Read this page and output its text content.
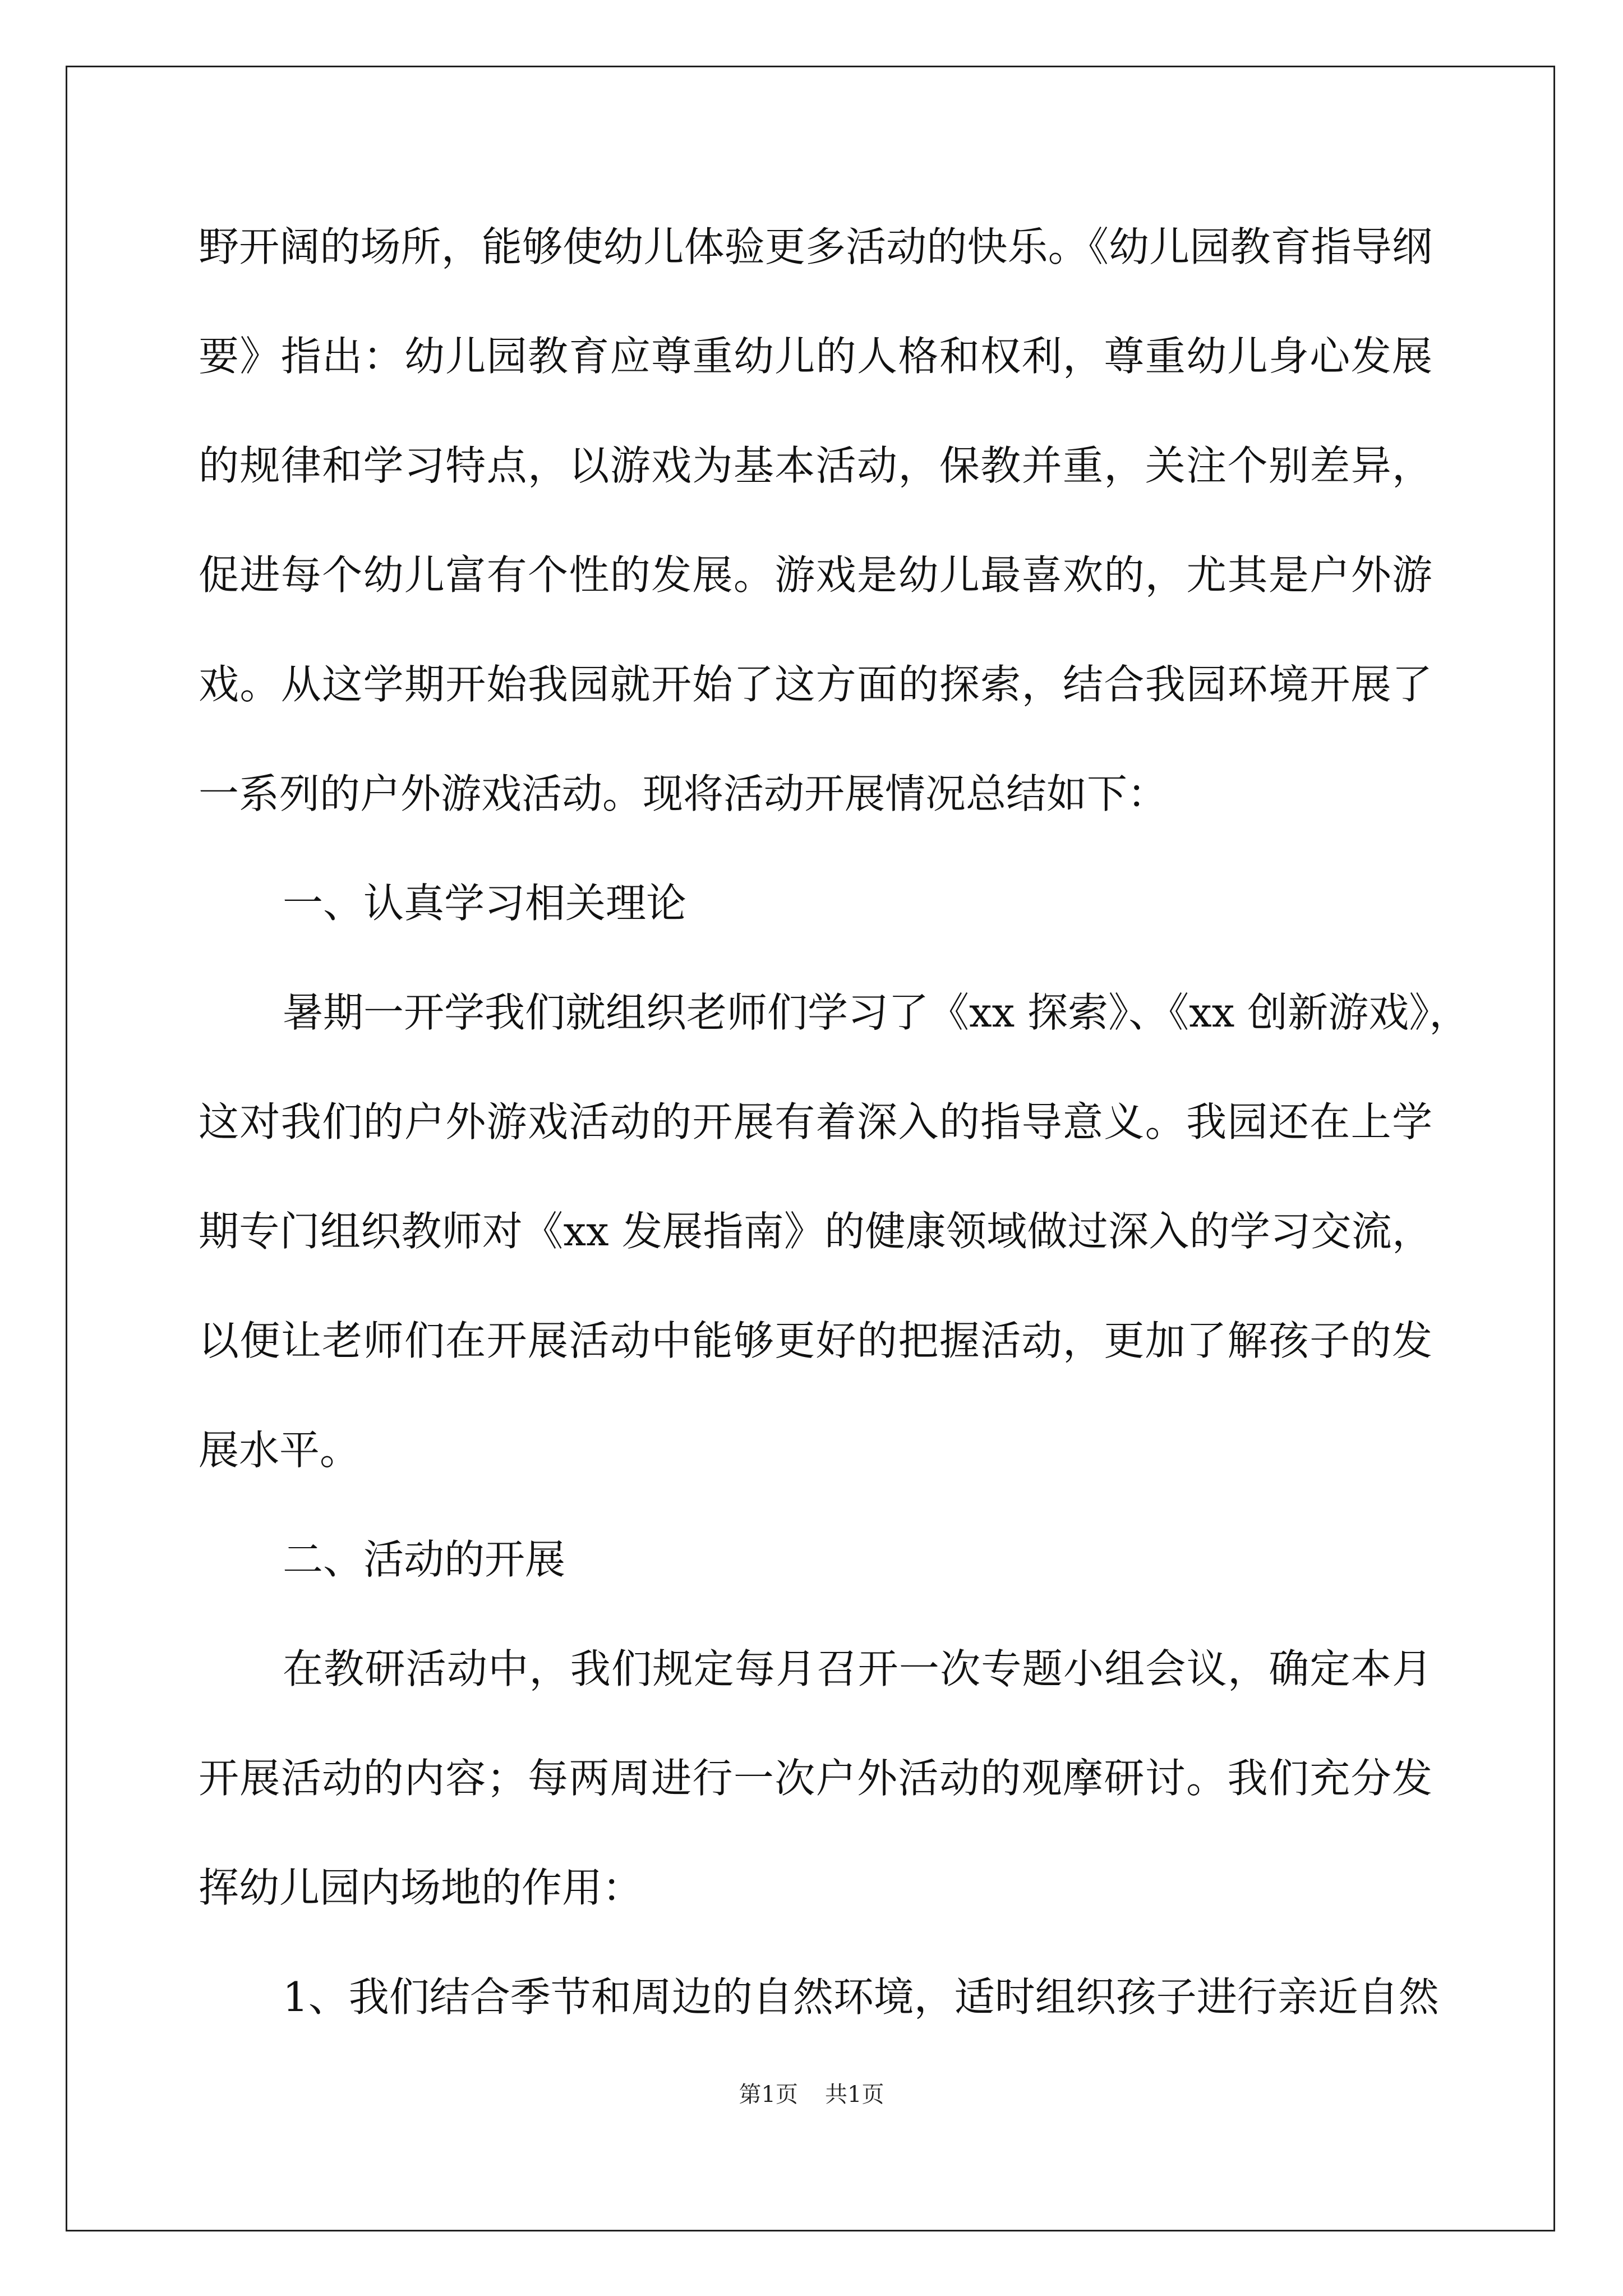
野开阔的场所，能够使幼儿体验更多活动的快乐。《幼儿园教育指导纲
要》指出：幼儿园教育应尊重幼儿的人格和权利，尊重幼儿身心发展
的规律和学习特点，以游戏为基本活动，保教并重，关注个别差异，
促进每个幼儿富有个性的发展。游戏是幼儿最喜欢的，尤其是户外游
戏。从这学期开始我园就开始了这方面的探索，结合我园环境开展了
一系列的户外游戏活动。现将活动开展情况总结如下：
一、认真学习相关理论
暑期一开学我们就组织老师们学习了《xx 探索》、《xx 创新游戏》，
这对我们的户外游戏活动的开展有着深入的指导意义。我园还在上学
期专门组织教师对《xx 发展指南》的健康领域做过深入的学习交流，
以便让老师们在开展活动中能够更好的把握活动，更加了解孩子的发
展水平。
二、活动的开展
在教研活动中，我们规定每月召开一次专题小组会议，确定本月
开展活动的内容；每两周进行一次户外活动的观摩研讨。我们充分发
挥幼儿园内场地的作用：
1、我们结合季节和周边的自然环境，适时组织孩子进行亲近自然
第1页 共1页
